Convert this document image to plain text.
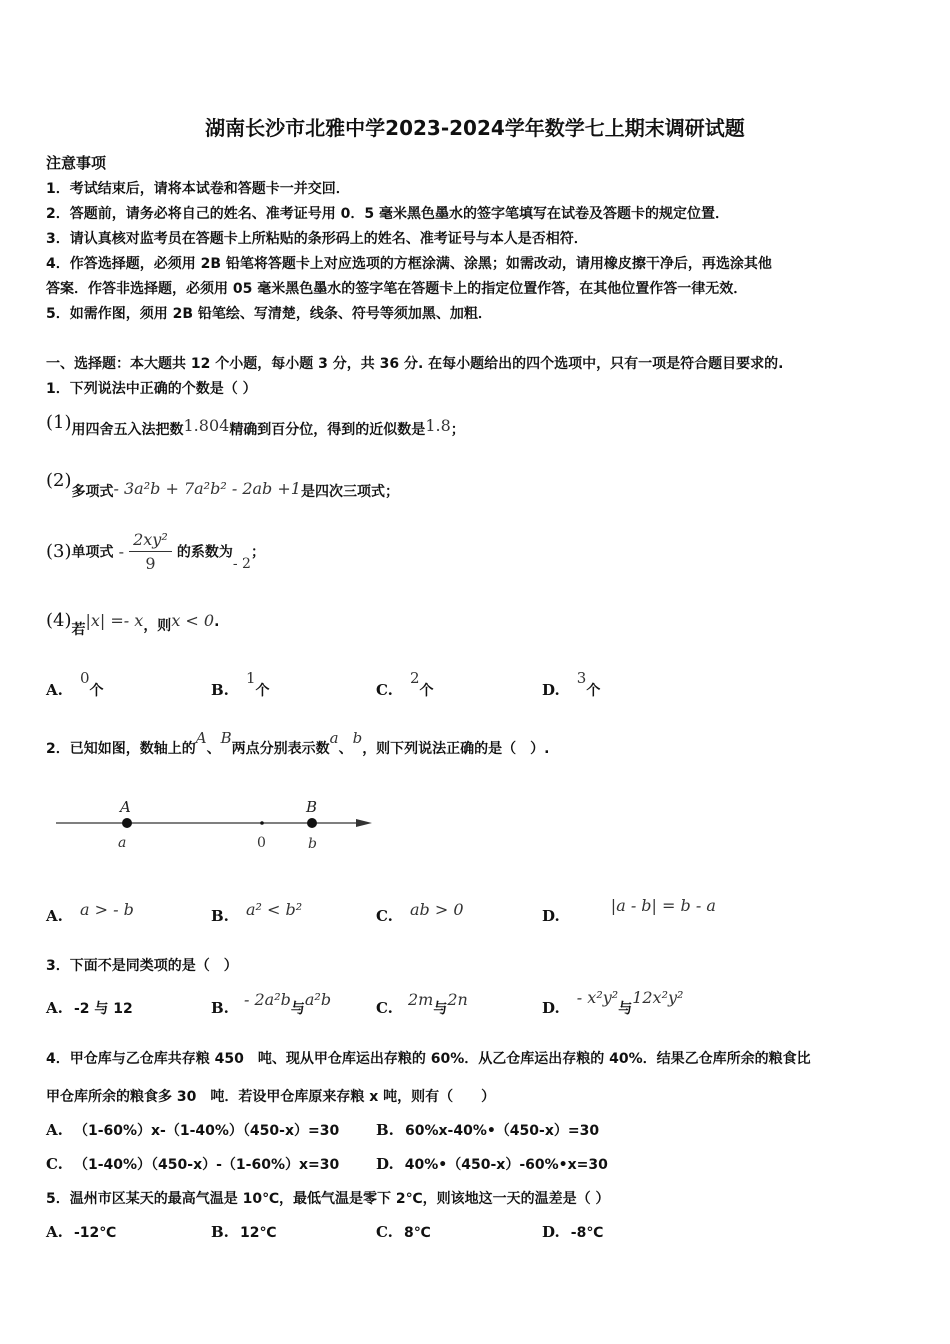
湖南长沙市北雅中学2023-2024学年数学七上期末调研试题
注意事项
1．考试结束后，请将本试卷和答题卡一并交回．
2．答题前，请务必将自己的姓名、准考证号用 0．5 毫米黑色墨水的签字笔填写在试卷及答题卡的规定位置．
3．请认真核对监考员在答题卡上所粘贴的条形码上的姓名、准考证号与本人是否相符．
4．作答选择题，必须用 2B 铅笔将答题卡上对应选项的方框涂满、涂黑；如需改动，请用橡皮擦干净后，再选涂其他
答案．作答非选择题，必须用 05 毫米黑色墨水的签字笔在答题卡上的指定位置作答，在其他位置作答一律无效．
5．如需作图，须用 2B 铅笔绘、写清楚，线条、符号等须加黑、加粗．
一、选择题：本大题共 12 个小题，每小题 3 分，共 36 分. 在每小题给出的四个选项中，只有一项是符合题目要求的.
1．下列说法中正确的个数是（ ）
(1)用四舍五入法把数1.804精确到百分位，得到的近似数是1.8；
(2)多项式- 3a²b + 7a²b² - 2ab +1是四次三项式；
(3)单项式 - $\frac{\text{2xy²}}{9}$ 的系数为- 2；
(4)若|x| =- x，则x < 0.
A. 0个	B. 1个	C. 2个	D. 3个
2．已知如图，数轴上的A、B两点分别表示数a、b，则下列说法正确的是（　）.
A	B
a	0	b
A. a > - b	B. a² < b²	C. ab > 0	D. |a - b| = b - a
3．下面不是同类项的是（　）
A. -2 与 12	B. - 2a²b与a²b	C. 2m与2n	D. - x²y²与12x²y²
4．甲仓库与乙仓库共存粮 450　吨、现从甲仓库运出存粮的 60%．从乙仓库运出存粮的 40%．结果乙仓库所余的粮食比
甲仓库所余的粮食多 30　吨．若设甲仓库原来存粮 x 吨，则有（　　）
A. （1-60%）x-（1-40%）（450-x）=30 B. 60%x-40%•（450-x）=30
C. （1-40%）（450-x）-（1-60%）x=30 D. 40%•（450-x）-60%•x=30
5．温州市区某天的最高气温是 10℃，最低气温是零下 2℃，则该地这一天的温差是（ ）
A. -12℃	B. 12℃	C. 8℃	D. -8℃
